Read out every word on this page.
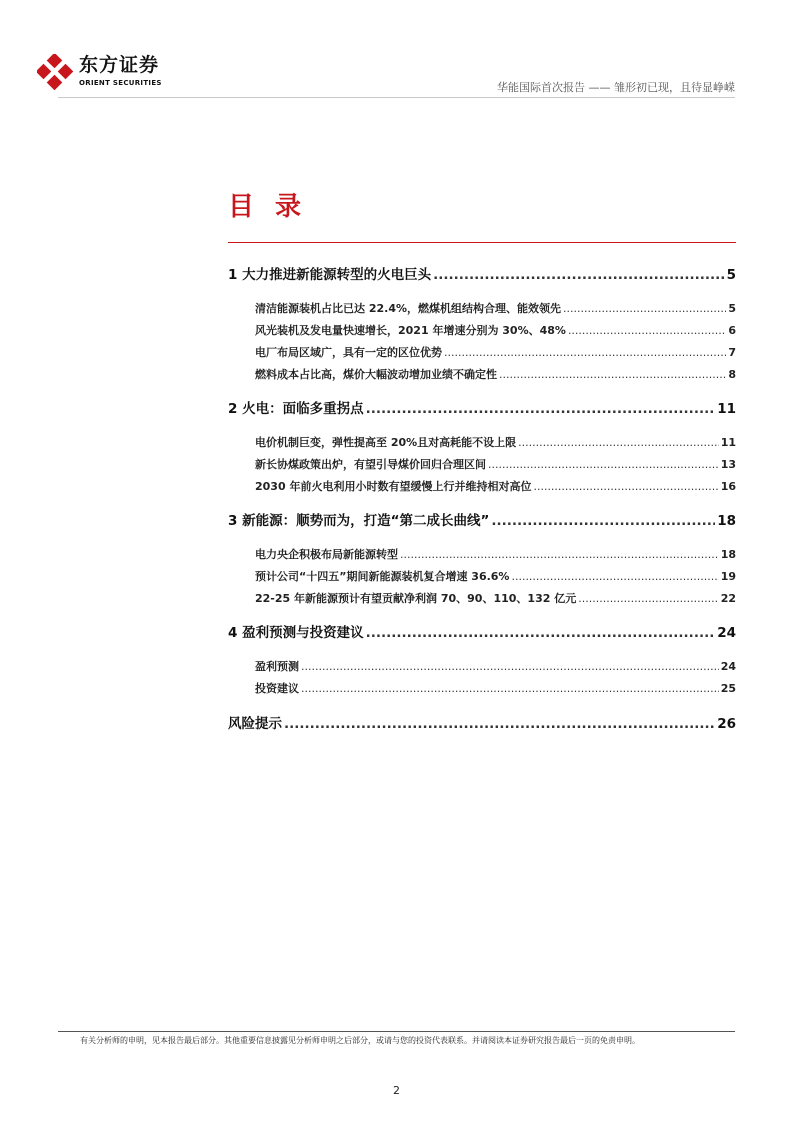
东方证券
ORIENT SECURITIES	华能国际首次报告 —— 雏形初已现，且待显峥嵘
目 录
1 大力推进新能源转型的火电巨头 .....	5
清洁能源装机占比已达 22.4%，燃煤机组结构合理、能效领先 .....	5
风光装机及发电量快速增长，2021 年增速分别为 30%、48% .....	6
电厂布局区域广，具有一定的区位优势 .....	7
燃料成本占比高，煤价大幅波动增加业绩不确定性 .....	8
2 火电：面临多重拐点 .....	11
电价机制巨变，弹性提高至 20%且对高耗能不设上限 .....	11
新长协煤政策出炉，有望引导煤价回归合理区间 .....	13
2030 年前火电利用小时数有望缓慢上行并维持相对高位 .....	16
3 新能源：顺势而为，打造“第二成长曲线” .....	18
电力央企积极布局新能源转型 .....	18
预计公司“十四五”期间新能源装机复合增速 36.6% .....	19
22-25 年新能源预计有望贡献净利润 70、90、110、132 亿元 .....	22
4 盈利预测与投资建议 .....	24
盈利预测 .....	24
投资建议 .....	25
风险提示 .....	26
有关分析师的申明，见本报告最后部分。其他重要信息披露见分析师申明之后部分，或请与您的投资代表联系。并请阅读本证券研究报告最后一页的免责申明。
2
